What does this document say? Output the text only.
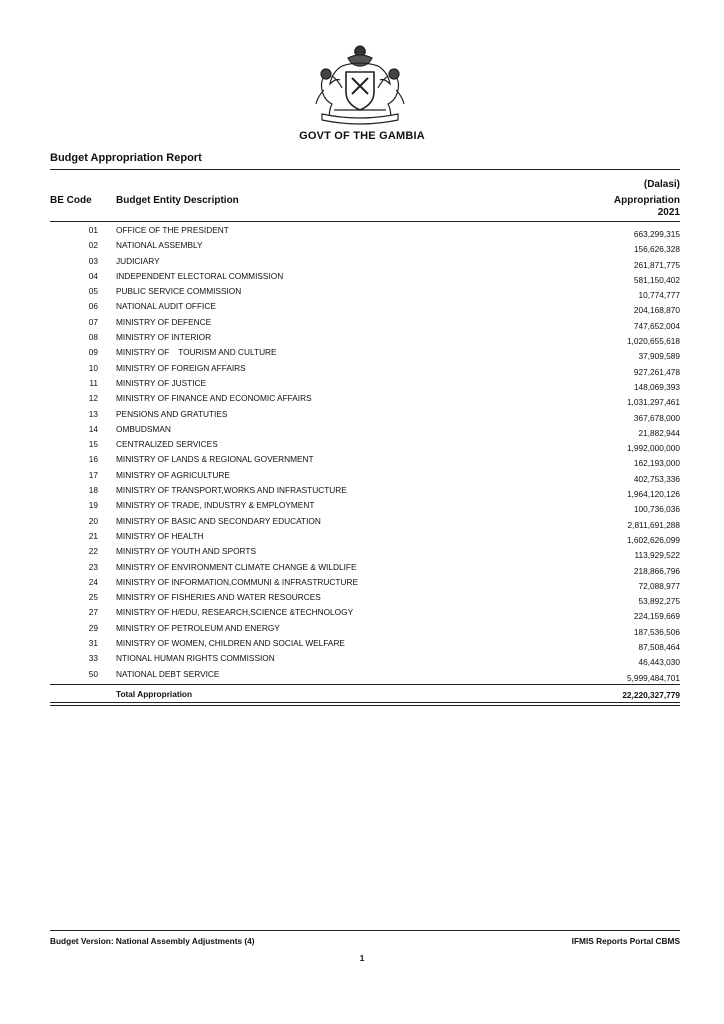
GOVT OF THE GAMBIA
Budget Appropriation Report
(Dalasi)
BE Code Budget Entity Description	Appropriation
2021
01 OFFICE OF THE PRESIDENT	663,299,315
02 NATIONAL ASSEMBLY	156,626,328
03 JUDICIARY	261,871,775
04 INDEPENDENT ELECTORAL COMMISSION	581,150,402
05 PUBLIC SERVICE COMMISSION	10,774,777
06 NATIONAL AUDIT OFFICE	204,168,870
07 MINISTRY OF DEFENCE	747,652,004
08 MINISTRY OF INTERIOR	1,020,655,618
09 MINISTRY OF    TOURISM AND CULTURE	37,909,589
10 MINISTRY OF FOREIGN AFFAIRS	927,261,478
11 MINISTRY OF JUSTICE	148,069,393
12 MINISTRY OF FINANCE AND ECONOMIC AFFAIRS	1,031,297,461
13 PENSIONS AND GRATUTIES	367,678,000
14 OMBUDSMAN	21,882,944
15 CENTRALIZED SERVICES	1,992,000,000
16 MINISTRY OF LANDS & REGIONAL GOVERNMENT	162,193,000
17 MINISTRY OF AGRICULTURE	402,753,336
18 MINISTRY OF TRANSPORT,WORKS AND INFRASTUCTURE	1,964,120,126
19 MINISTRY OF TRADE, INDUSTRY & EMPLOYMENT	100,736,036
20 MINISTRY OF BASIC AND SECONDARY EDUCATION	2,811,691,288
21 MINISTRY OF HEALTH	1,602,626,099
22 MINISTRY OF YOUTH AND SPORTS	113,929,522
23 MINISTRY OF ENVIRONMENT CLIMATE CHANGE & WILDLIFE	218,866,796
24 MINISTRY OF INFORMATION,COMMUNI & INFRASTRUCTURE	72,088,977
25 MINISTRY OF FISHERIES AND WATER RESOURCES	53,892,275
27 MINISTRY OF H/EDU, RESEARCH,SCIENCE &TECHNOLOGY	224,159,669
29 MINISTRY OF PETROLEUM AND ENERGY	187,536,506
31 MINISTRY OF WOMEN, CHILDREN AND SOCIAL WELFARE	87,508,464
33 NTIONAL HUMAN RIGHTS COMMISSION	46,443,030
50 NATIONAL DEBT SERVICE	5,999,484,701
Total Appropriation	22,220,327,779
Budget Version: National Assembly Adjustments (4)	IFMIS Reports Portal CBMS
1
